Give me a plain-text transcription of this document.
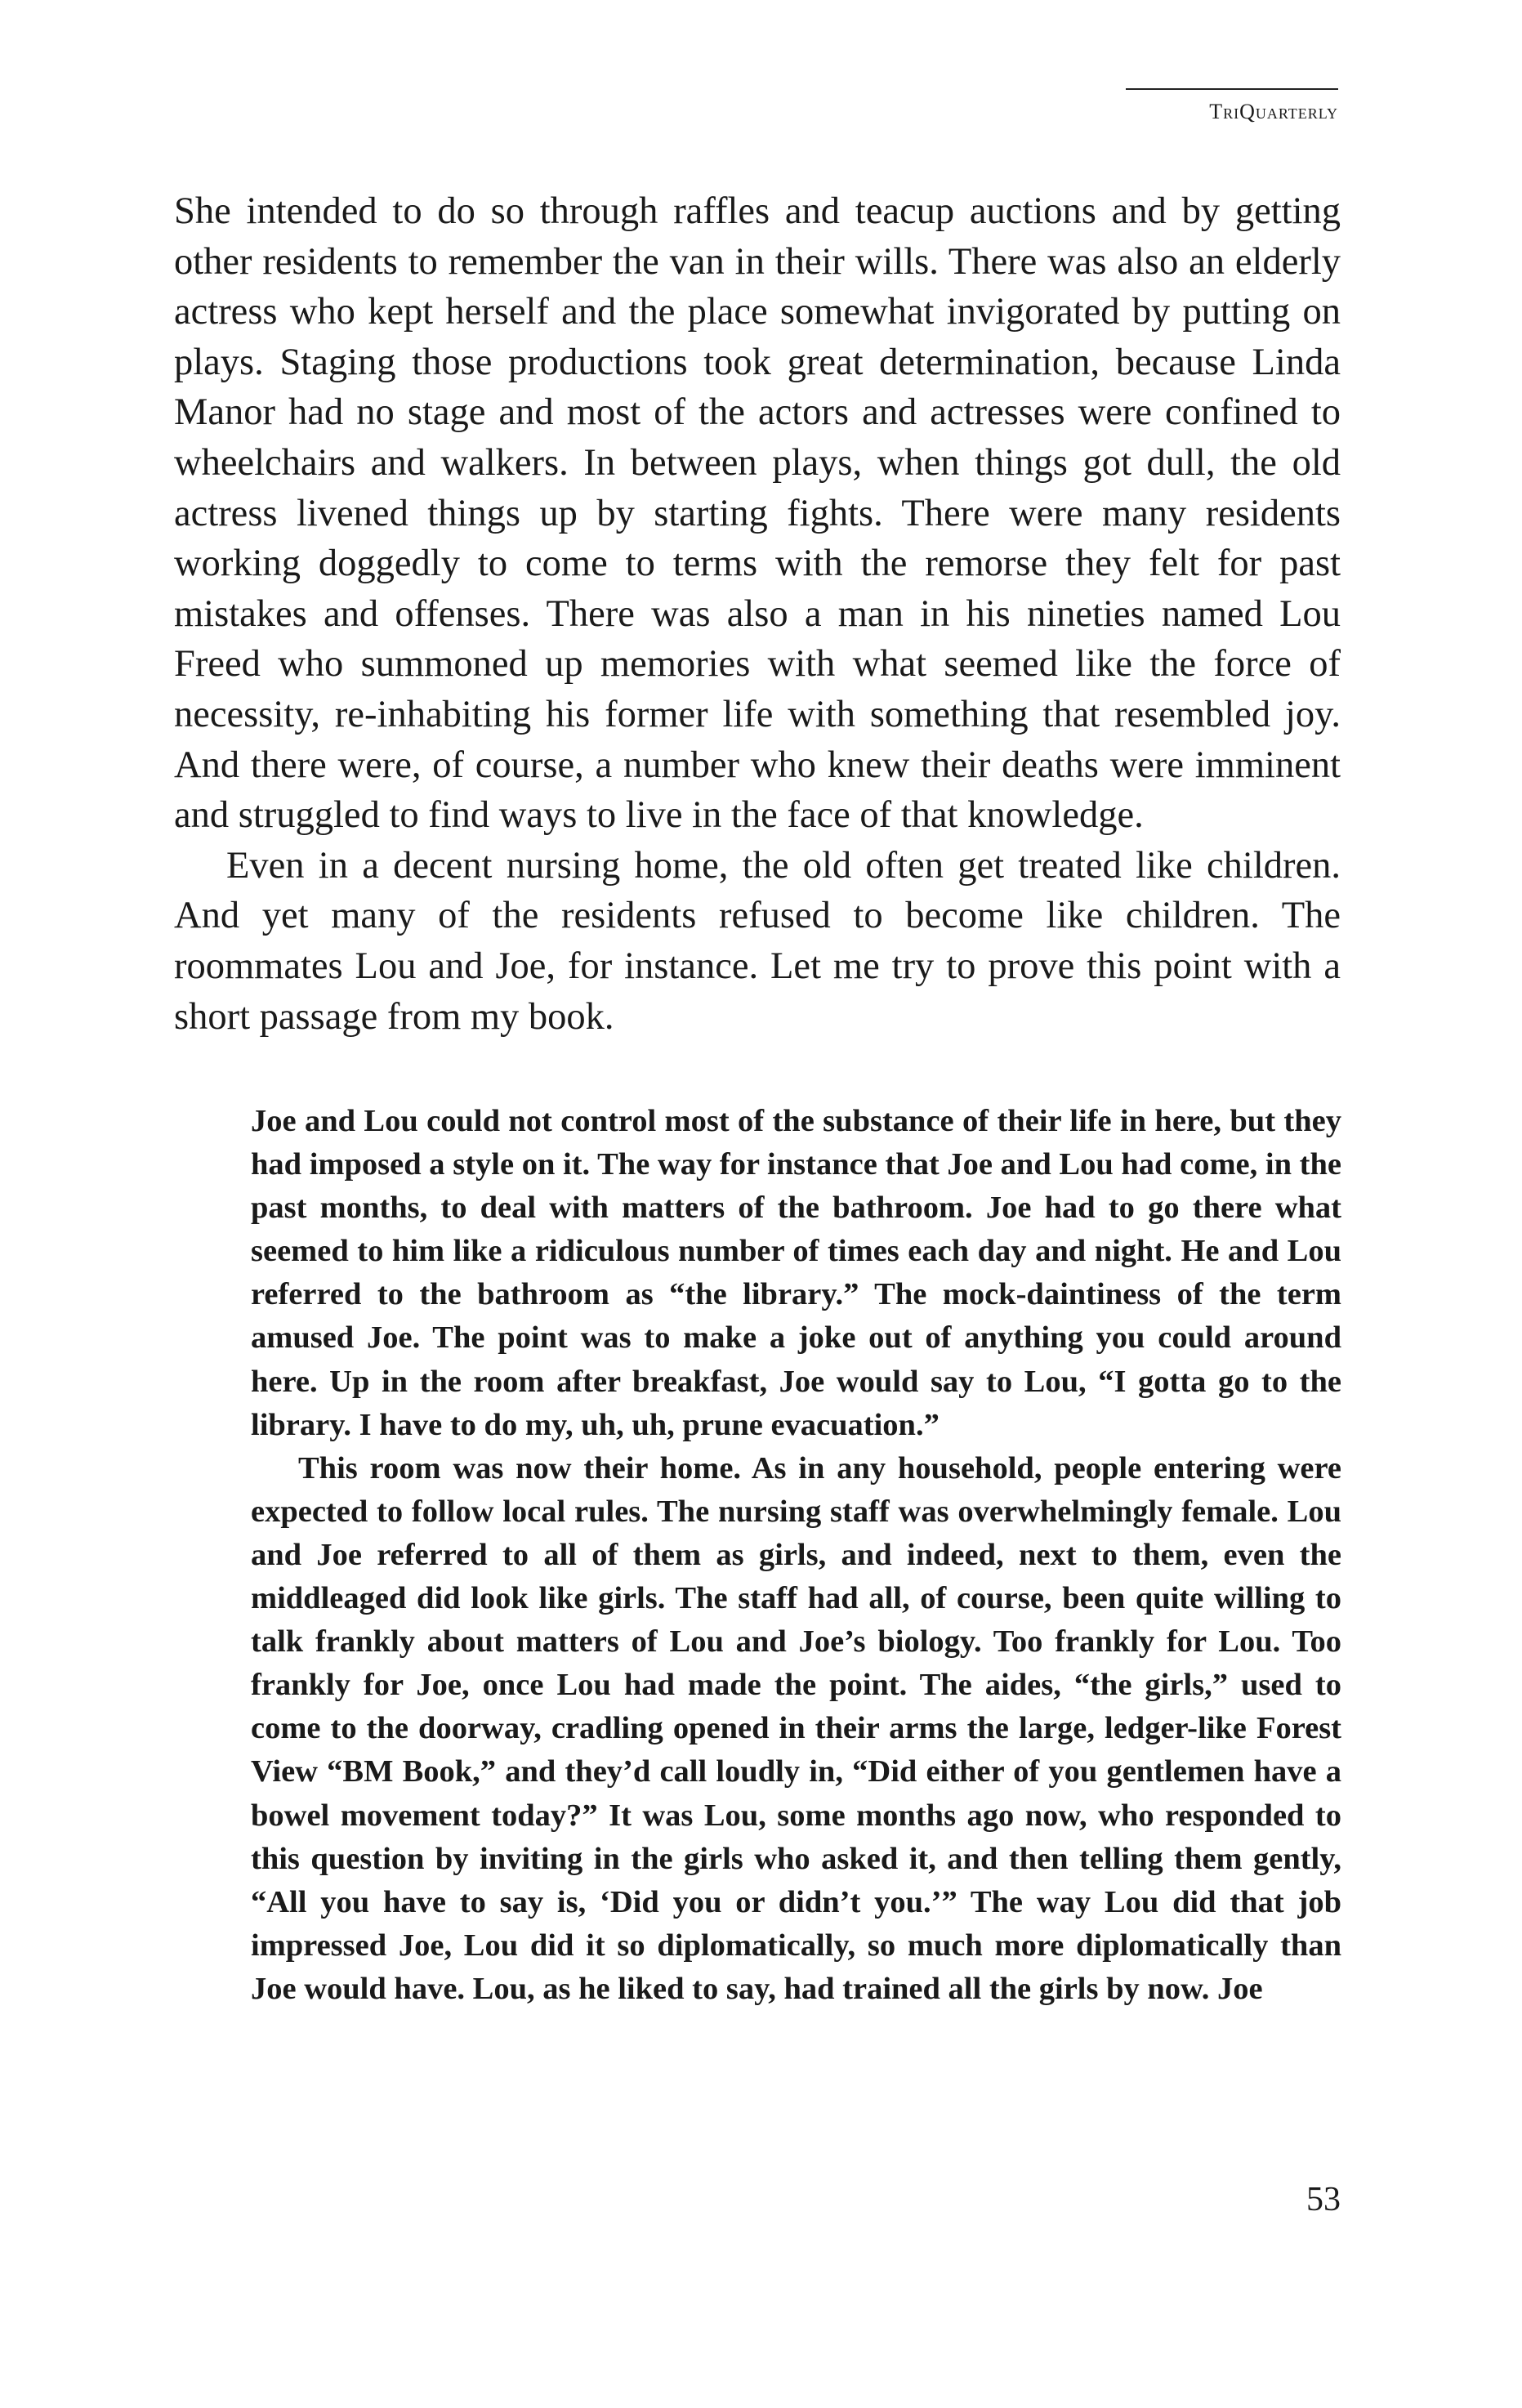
TriQuarterly

She intended to do so through raffles and teacup auctions and by getting other residents to remember the van in their wills. There was also an elderly actress who kept herself and the place somewhat invigorated by putting on plays. Staging those productions took great determination, because Linda Manor had no stage and most of the actors and actresses were confined to wheelchairs and walkers. In between plays, when things got dull, the old actress livened things up by starting fights. There were many residents working doggedly to come to terms with the remorse they felt for past mistakes and offenses. There was also a man in his nineties named Lou Freed who summoned up memories with what seemed like the force of necessity, re-inhabiting his former life with something that resembled joy. And there were, of course, a number who knew their deaths were imminent and struggled to find ways to live in the face of that knowledge.

Even in a decent nursing home, the old often get treated like children. And yet many of the residents refused to become like children. The roommates Lou and Joe, for instance. Let me try to prove this point with a short passage from my book.

Joe and Lou could not control most of the substance of their life in here, but they had imposed a style on it. The way for instance that Joe and Lou had come, in the past months, to deal with matters of the bathroom. Joe had to go there what seemed to him like a ridiculous number of times each day and night. He and Lou referred to the bathroom as “the library.” The mock-daintiness of the term amused Joe. The point was to make a joke out of anything you could around here. Up in the room after breakfast, Joe would say to Lou, “I gotta go to the library. I have to do my, uh, uh, prune evacuation.”

This room was now their home. As in any household, people entering were expected to follow local rules. The nursing staff was overwhelmingly female. Lou and Joe referred to all of them as girls, and indeed, next to them, even the middleaged did look like girls. The staff had all, of course, been quite willing to talk frankly about matters of Lou and Joe’s biology. Too frankly for Lou. Too frankly for Joe, once Lou had made the point. The aides, “the girls,” used to come to the doorway, cradling opened in their arms the large, ledger-like Forest View “BM Book,” and they’d call loudly in, “Did either of you gentlemen have a bowel movement today?” It was Lou, some months ago now, who responded to this question by inviting in the girls who asked it, and then telling them gently, “All you have to say is, ‘Did you or didn’t you.’” The way Lou did that job impressed Joe, Lou did it so diplomatically, so much more diplomatically than Joe would have. Lou, as he liked to say, had trained all the girls by now. Joe

53
